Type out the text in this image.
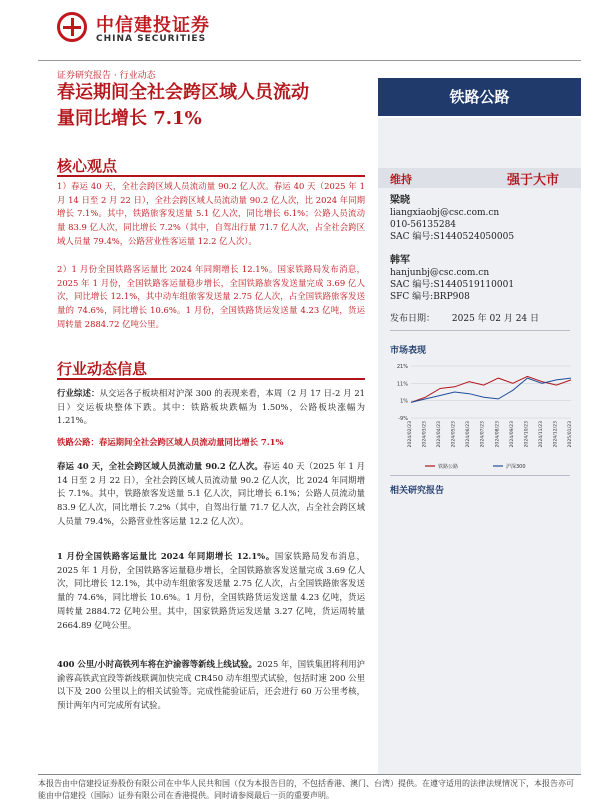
中信建投证券
CHINA SECURITIES
证券研究报告 · 行业动态
春运期间全社会跨区域人员流动
量同比增长 7.1%
铁路公路
维持	强于大市
梁晓
liangxiaobj@csc.com.cn
010-56135284
SAC 编号:S1440524050005
韩军
hanjunbj@csc.com.cn
SAC 编号:S1440519110001
SFC 编号:BRP908
发布日期： 2025 年 02 月 24 日
市场表现
21%
11%
1%
-9%
2024/02/23 2024/03/23 2024/04/23 2024/05/23 2024/06/23 2024/07/23 2024/08/23 2024/09/23 2024/10/23 2024/11/23 2024/12/23 2025/01/23
铁路公路	沪深300
相关研究报告
核心观点
1）春运 40 天，全社会跨区域人员流动量 90.2 亿人次。春运 40 天（2025 年 1 月 14 日至 2 月 22 日），全社会跨区域人员流动量 90.2 亿人次，比 2024 年同期增长 7.1%。其中，铁路旅客发送量 5.1 亿人次，同比增长 6.1%；公路人员流动量 83.9 亿人次，同比增长 7.2%（其中，自驾出行量 71.7 亿人次，占全社会跨区域人员量 79.4%，公路营业性客运量 12.2 亿人次）。
2）1 月份全国铁路客运量比 2024 年同期增长 12.1%。国家铁路局发布消息，2025 年 1 月份，全国铁路客运量稳步增长，全国铁路旅客发送量完成 3.69 亿人次，同比增长 12.1%，其中动车组旅客发送量 2.75 亿人次，占全国铁路旅客发送量的 74.6%，同比增长 10.6%。1 月份，全国铁路货运发送量 4.23 亿吨，货运周转量 2884.72 亿吨公里。
行业动态信息
行业综述：从交运各子板块相对沪深 300 的表现来看，本周（2 月 17 日-2 月 21 日）交运板块整体下跌。其中：铁路板块跌幅为 1.50%，公路板块涨幅为 1.21%。
铁路公路：春运期间全社会跨区域人员流动量同比增长 7.1%
春运 40 天，全社会跨区域人员流动量 90.2 亿人次。春运 40 天（2025 年 1 月 14 日至 2 月 22 日），全社会跨区域人员流动量 90.2 亿人次，比 2024 年同期增长 7.1%。其中，铁路旅客发送量 5.1 亿人次，同比增长 6.1%；公路人员流动量 83.9 亿人次，同比增长 7.2%（其中，自驾出行量 71.7 亿人次，占全社会跨区域人员量 79.4%，公路营业性客运量 12.2 亿人次）。
1 月份全国铁路客运量比 2024 年同期增长 12.1%。国家铁路局发布消息，2025 年 1 月份，全国铁路客运量稳步增长，全国铁路旅客发送量完成 3.69 亿人次，同比增长 12.1%，其中动车组旅客发送量 2.75 亿人次，占全国铁路旅客发送量的 74.6%，同比增长 10.6%。1 月份，全国铁路货运发送量 4.23 亿吨，货运周转量 2884.72 亿吨公里。其中，国家铁路货运发送量 3.27 亿吨，货运周转量 2664.89 亿吨公里。
400 公里/小时高铁列车将在沪渝蓉等新线上线试验。2025 年，国铁集团将利用沪渝蓉高铁武宜段等新线联调加快完成 CR450 动车组型式试验，包括时速 200 公里以下及 200 公里以上的相关试验等。完成性能验证后，还会进行 60 万公里考核，预计两年内可完成所有试验。
本报告由中信建投证券股份有限公司在中华人民共和国（仅为本报告目的，不包括香港、澳门、台湾）提供。在遵守适用的法律法规情况下，本报告亦可能由中信建投（国际）证券有限公司在香港提供。同时请参阅最后一页的重要声明。
